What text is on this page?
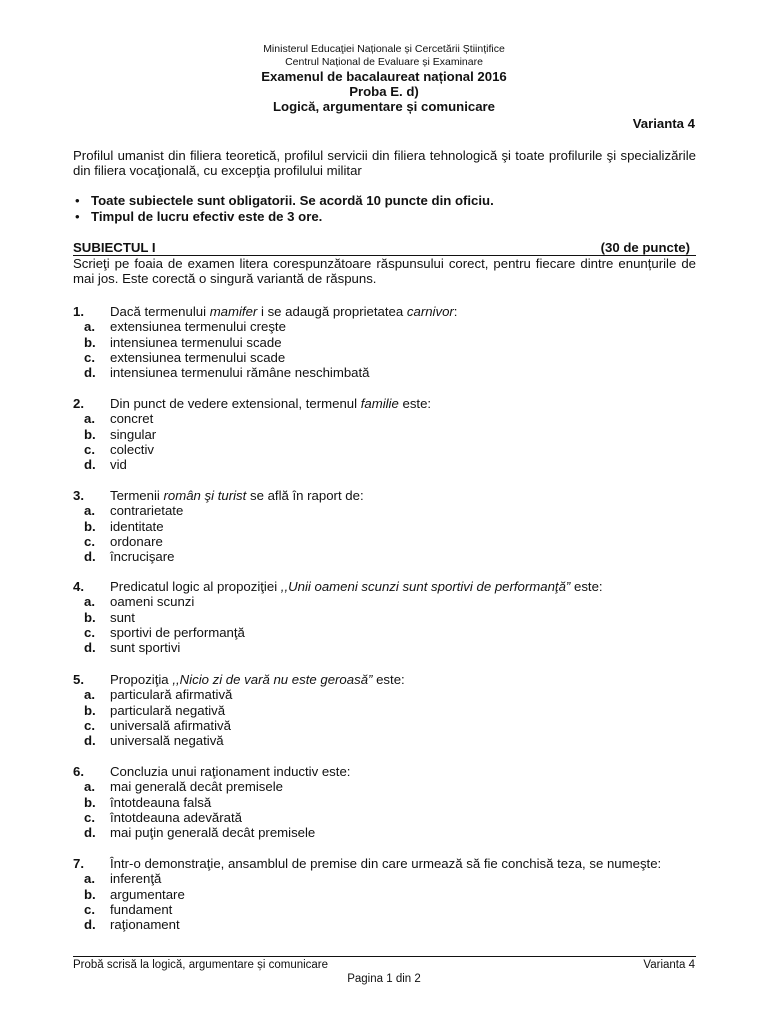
Ministerul Educaţiei Naționale și Cercetării Științifice
Centrul Național de Evaluare și Examinare
Examenul de bacalaureat național 2016
Proba E. d)
Logică, argumentare și comunicare
Varianta 4
Profilul umanist din filiera teoretică, profilul servicii din filiera tehnologică şi toate profilurile şi specializările din filiera vocaţională, cu excepţia profilului militar
• Toate subiectele sunt obligatorii. Se acordă 10 puncte din oficiu.
• Timpul de lucru efectiv este de 3 ore.
SUBIECTUL I	(30 de puncte)
Scrieţi pe foaia de examen litera corespunzătoare răspunsului corect, pentru fiecare dintre enunțurile de mai jos. Este corectă o singură variantă de răspuns.
1. Dacă termenului mamifer i se adaugă proprietatea carnivor:
a. extensiunea termenului creşte
b. intensiunea termenului scade
c. extensiunea termenului scade
d. intensiunea termenului rămâne neschimbată
2. Din punct de vedere extensional, termenul familie este:
a. concret
b. singular
c. colectiv
d. vid
3. Termenii român şi turist se află în raport de:
a. contrarietate
b. identitate
c. ordonare
d. încrucişare
4. Predicatul logic al propoziţiei ,,Unii oameni scunzi sunt sportivi de performanţă” este:
a. oameni scunzi
b. sunt
c. sportivi de performanţă
d. sunt sportivi
5. Propoziţia ,,Nicio zi de vară nu este geroasă” este:
a. particulară afirmativă
b. particulară negativă
c. universală afirmativă
d. universală negativă
6. Concluzia unui raţionament inductiv este:
a. mai generală decât premisele
b. întotdeauna falsă
c. întotdeauna adevărată
d. mai puţin generală decât premisele
7. Într-o demonstraţie, ansamblul de premise din care urmează să fie conchisă teza, se numeşte:
a. inferenţă
b. argumentare
c. fundament
d. raţionament
Probă scrisă la logică, argumentare și comunicare	Varianta 4
Pagina 1 din 2
